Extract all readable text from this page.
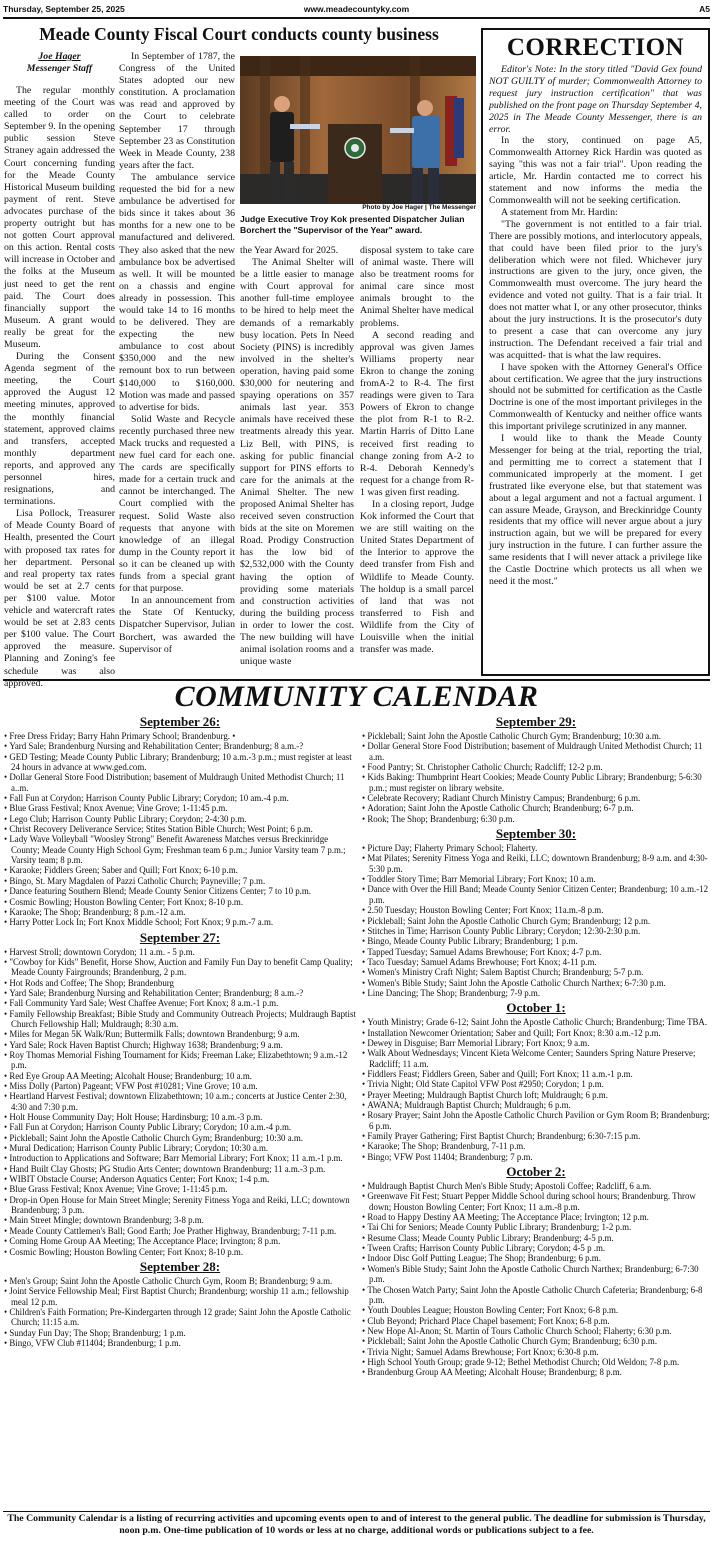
Thursday, September 25, 2025	www.meadecountyky.com	A5
Meade County Fiscal Court conducts county business
Joe Hager
Messenger Staff

The regular monthly meeting of the Court was called to order on September 9. In the opening public session Steve Straney again addressed the Court concerning funding for the Meade County Historical Museum building payment of rent. Steve advocates purchase of the property outright but has not gotten Court approval on this action. Rental costs will increase in October and the folks at the Museum just need to get the rent paid. The Court does financially support the Museum. A grant would really be great for the Museum.

During the Consent Agenda segment of the meeting, the Court approved the August 12 meeting minutes, approved the monthly financial statement, approved claims and transfers, accepted monthly department reports, and approved any personnel hires, resignations, and terminations.

Lisa Pollock, Treasurer of Meade County Board of Health, presented the Court with proposed tax rates for her department. Personal and real property tax rates would be set at 2.7 cents per $100 value. Motor vehicle and watercraft rates would be set at 2.83 cents per $100 value. The Court approved the measure. Planning and Zoning's fee schedule was also approved.

In September of 1787, the Congress of the United States adopted our new constitution. A proclamation was read and approved by the Court to celebrate September 17 through September 23 as Constitution Week in Meade County, 238 years after the fact.

The ambulance service requested the bid for a new ambulance be advertised for bids since it takes about 36 months for a new one to be manufactured and delivered. They also asked that the new ambulance box be advertised as well. It will be mounted on a chassis and engine already in possession. This would take 14 to 16 months to be delivered. They are expecting the new ambulance to cost about $350,000 and the new remount box to run between $140,000 to $160,000. Motion was made and passed to advertise for bids.

Solid Waste and Recycle recently purchased three new Mack trucks and requested a new fuel card for each one. The cards are specifically made for a certain truck and cannot be interchanged. The Court complied with the request. Solid Waste also requests that anyone with knowledge of an illegal dump in the County report it so it can be cleaned up with funds from a special grant for that purpose.

In an announcement from the State Of Kentucky, Dispatcher Supervisor, Julian Borchert, was awarded the Supervisor of

Photo by Joe Hager | The Messenger
Judge Executive Troy Kok presented Dispatcher Julian Borchert the "Supervisor of the Year" award.

the Year Award for 2025.

The Animal Shelter will be a little easier to manage with Court approval for another full-time employee to be hired to help meet the demands of a remarkably busy location. Pets In Need Society (PINS) is incredibly involved in the shelter's operation, having paid some $30,000 for neutering and spaying operations on 357 animals last year. 353 animals have received these treatments already this year. Liz Bell, with PINS, is asking for public financial support for PINS efforts to care for the animals at the Animal Shelter. The new proposed Animal Shelter has received seven construction bids at the site on Moremen Road. Prodigy Construction has the low bid of $2,532,000 with the County having the option of providing some materials and construction activities during the building process in order to lower the cost. The new building will have animal isolation rooms and a unique waste

disposal system to take care of animal waste. There will also be treatment rooms for animal care since most animals brought to the Animal Shelter have medical problems.

A second reading and approval was given James Williams property near Ekron to change the zoning fromA-2 to R-4. The first readings were given to Tara Powers of Ekron to change the plot from R-1 to R-2. Martin Harris of Ditto Lane received first reading to change zoning from A-2 to R-4. Deborah Kennedy's request for a change from R-1 was given first reading.

In a closing report, Judge Kok informed the Court that we are still waiting on the United States Department of the Interior to approve the deed transfer from Fish and Wildlife to Meade County. The holdup is a small parcel of land that was not transferred to Fish and Wildlife from the City of Louisville when the initial transfer was made.

CORRECTION

Editor's Note: In the story titled "David Gex found NOT GUILTY of murder; Commonwealth Attorney to request jury instruction certification" that was published on the front page on Thursday September 4, 2025 in The Meade County Messenger, there is an error.

In the story, continued on page A5, Commonwealth Attorney Rick Hardin was quoted as saying "this was not a fair trial". Upon reading the article, Mr. Hardin contacted me to correct his statement and now informs the media the Commonwealth will not be seeking certification.

A statement from Mr. Hardin:

"The government is not entitled to a fair trial. There are possibly motions, and interlocutory appeals, that could have been filed prior to the jury's deliberation which were not filed. Whichever jury instructions are given to the jury, once given, the Commonwealth must overcome. The jury heard the evidence and voted not guilty. That is a fair trial. It does not matter what I, or any other prosecutor, thinks about the jury instructions. It is the prosecutor's duty to present a case that can overcome any jury instruction. The Defendant received a fair trial and was acquitted- that is what the law requires.

I have spoken with the Attorney General's Office about certification. We agree that the jury instructions should not be submitted for certification as the Castle Doctrine is one of the most important privileges in the Commonwealth of Kentucky and neither office wants this important privilege scrutinized in any manner.

I would like to thank the Meade County Messenger for being at the trial, reporting the trial, and permitting me to correct a statement that I communicated improperly at the moment. I get frustrated like everyone else, but that statement was about a legal argument and not a factual argument. I can assure Meade, Grayson, and Breckinridge County residents that my office will never argue about a jury instruction again, but we will be prepared for every jury instruction in the future. I can further assure the same residents that I will never attack a privilege like the Castle Doctrine which protects us all when we need it the most."

COMMUNITY CALENDAR
September 26:
• Free Dress Friday; Barry Hahn Primary School; Brandenburg. •
• Yard Sale; Brandenburg Nursing and Rehabilitation Center; Brandenburg; 8 a.m.-?
• GED Testing; Meade County Public Library; Brandenburg; 10 a.m.-3 p.m.; must register at least 24 hours in advance at www.ged.com.
• Dollar General Store Food Distribution; basement of Muldraugh United Methodist Church; 11 a..m.
• Fall Fun at Corydon; Harrison County Public Library; Corydon; 10 am.-4 p.m.
• Blue Grass Festival; Knox Avenue; Vine Grove; 1-11:45 p.m.
• Lego Club; Harrison County Public Library; Corydon; 2-4:30 p.m.
• Christ Recovery Deliverance Service; Stites Station Bible Church; West Point; 6 p.m.
• Lady Wave Volleyball "Woosley Strong" Benefit Awareness Matches versus Breckinridge County; Meade County High School Gym; Freshman team 6 p.m.; Junior Varsity team 7 p.m.; Varsity team; 8 p.m.
• Karaoke; Fiddlers Green; Saber and Quill; Fort Knox; 6-10 p.m.
• Bingo, St. Mary Magdalen of Pazzi Catholic Church; Payneville; 7 p.m.
• Dance featuring Southern Blend; Meade County Senior Citizens Center; 7 to 10 p.m.
• Cosmic Bowling; Houston Bowling Center; Fort Knox; 8-10 p.m.
• Karaoke; The Shop; Brandenburg; 8 p.m.-12 a.m.
• Harry Potter Lock In; Fort Knox Middle School; Fort Knox; 9 p.m.-7 a.m.
September 27:
• Harvest Stroll; downtown Corydon; 11 a.m. - 5 p.m.
• "Cowboy for Kids" Benefit, Horse Show, Auction and Family Fun Day to benefit Camp Quality; Meade County Fairgrounds; Brandenburg, 2 p.m.
• Hot Rods and Coffee; The Shop; Brandenburg
• Yard Sale; Brandenburg Nursing and Rehabilitation Center; Brandenburg; 8 a.m.-?
• Fall Community Yard Sale; West Chaffee Avenue; Fort Knox; 8 a.m.-1 p.m.
• Family Fellowship Breakfast; Bible Study and Community Outreach Projects; Muldraugh Baptist Church Fellowship Hall; Muldraugh; 8:30 a.m.
• Miles for Megan 5K Walk/Run; Buttermilk Falls; downtown Brandenburg; 9 a.m.
• Yard Sale; Rock Haven Baptist Church; Highway 1638; Brandenburg; 9 a.m.
• Roy Thomas Memorial Fishing Tournament for Kids; Freeman Lake; Elizabethtown; 9 a.m.-12 p.m.
• Red Eye Group AA Meeting; Alcohalt House; Brandenburg; 10 a.m.
• Miss Dolly (Parton) Pageant; VFW Post #10281; Vine Grove; 10 a.m.
• Heartland Harvest Festival; downtown Elizabethtown; 10 a.m.; concerts at Justice Center 2:30, 4:30 and 7:30 p.m.
• Holt House Community Day; Holt House; Hardinsburg; 10 a.m.-3 p.m.
• Fall Fun at Corydon; Harrison County Public Library; Corydon; 10 a.m.-4 p.m.
• Pickleball; Saint John the Apostle Catholic Church Gym; Brandenburg; 10:30 a.m.
• Mural Dedication; Harrison County Public Library; Corydon; 10:30 a.m.
• Introduction to Applications and Software; Barr Memorial Library; Fort Knox; 11 a.m.-1 p.m.
• Hand Built Clay Ghosts; PG Studio Arts Center; downtown Brandenburg; 11 a.m.-3 p.m.
• WIBIT Obstacle Course; Anderson Aquatics Center; Fort Knox; 1-4 p.m.
• Blue Grass Festival; Knox Avenue; Vine Grove; 1-11:45 p.m.
• Drop-in Open House for Main Street Mingle; Serenity Fitness Yoga and Reiki, LLC; downtown Brandenburg; 3 p.m.
• Main Street Mingle; downtown Brandenburg; 3-8 p.m.
• Meade County Cattlemen's Ball; Good Earth; Joe Prather Highway, Brandenburg; 7-11 p.m.
• Coming Home Group AA Meeting; The Acceptance Place; Irvington; 8 p.m.
• Cosmic Bowling; Houston Bowling Center; Fort Knox; 8-10 p.m.
September 28:
• Men's Group; Saint John the Apostle Catholic Church Gym, Room B; Brandenburg; 9 a.m.
• Joint Service Fellowship Meal; First Baptist Church; Brandenburg; worship 11 a.m.; fellowship meal 12 p.m.
• Children's Faith Formation; Pre-Kindergarten through 12 grade; Saint John the Apostle Catholic Church; 11:15 a.m.
• Sunday Fun Day; The Shop; Brandenburg; 1 p.m.
• Bingo, VFW Club #11404; Brandenburg; 1 p.m.
September 29:
• Pickleball; Saint John the Apostle Catholic Church Gym; Brandenburg; 10:30 a.m.
• Dollar General Store Food Distribution; basement of Muldraugh United Methodist Church; 11 a.m.
• Food Pantry; St. Christopher Catholic Church; Radcliff; 12-2 p.m.
• Kids Baking: Thumbprint Heart Cookies; Meade County Public Library; Brandenburg; 5-6:30 p.m.; must register on library website.
• Celebrate Recovery; Radiant Church Ministry Campus; Brandenburg; 6 p.m.
• Adoration; Saint John the Apostle Catholic Church; Brandenburg; 6-7 p.m.
• Rook; The Shop; Brandenburg; 6:30 p.m.
September 30:
• Picture Day; Flaherty Primary School; Flaherty.
• Mat Pilates; Serenity Fitness Yoga and Reiki, LLC; downtown Brandenburg; 8-9 a.m. and 4:30-5:30 p.m.
• Toddler Story Time; Barr Memorial Library; Fort Knox; 10 a.m.
• Dance with Over the Hill Band; Meade County Senior Citizen Center; Brandenburg; 10 a.m.-12 p.m.
• 2.50 Tuesday; Houston Bowling Center; Fort Knox; 11a.m.-8 p.m.
• Pickleball; Saint John the Apostle Catholic Church Gym; Brandenburg; 12 p.m.
• Stitches in Time; Harrison County Public Library; Corydon; 12:30-2:30 p.m.
• Bingo, Meade County Public Library; Brandenburg; 1 p.m.
• Tapped Tuesday; Samuel Adams Brewhouse; Fort Knox; 4-7 p.m.
• Taco Tuesday; Samuel Adams Brewhouse; Fort Knox; 4-11 p.m.
• Women's Ministry Craft Night; Salem Baptist Church; Brandenburg; 5-7 p.m.
• Women's Bible Study; Saint John the Apostle Catholic Church Narthex; 6-7:30 p.m.
• Line Dancing; The Shop; Brandenburg; 7-9 p.m.
October 1:
• Youth Ministry; Grade 6-12; Saint John the Apostle Catholic Church; Brandenburg; Time TBA.
• Installation Newcomer Orientation; Saber and Quill; Fort Knox; 8:30 a.m.-12 p.m.
• Dewey in Disguise; Barr Memorial Library; Fort Knox; 9 a.m.
• Walk About Wednesdays; Vincent Kieta Welcome Center; Saunders Spring Nature Preserve; Radcliff; 11 a.m.
• Fiddlers Feast; Fiddlers Green, Saber and Quill; Fort Knox; 11 a.m.-1 p.m.
• Trivia Night; Old State Capitol VFW Post #2950; Corydon; 1 p.m.
• Prayer Meeting; Muldraugh Baptist Church loft; Muldraugh; 6 p.m.
• AWANA; Muldraugh Baptist Church; Muldraugh; 6 p.m.
• Rosary Prayer; Saint John the Apostle Catholic Church Pavilion or Gym Room B; Brandenburg; 6 p.m.
• Family Prayer Gathering; First Baptist Church; Brandenburg; 6:30-7:15 p.m.
• Karaoke; The Shop; Brandenburg, 7-11 p.m.
• Bingo; VFW Post 11404; Brandenburg; 7 p.m.
October 2:
• Muldraugh Baptist Church Men's Bible Study; Apostoli Coffee; Radcliff, 6 a.m.
• Greenwave Fit Fest; Stuart Pepper Middle School during school hours; Brandenburg. Throw down; Houston Bowling Center; Fort Knox; 11 a.m.-8 p.m.
• Road to Happy Destiny AA Meeting; The Acceptance Place; Irvington; 12 p.m.
• Tai Chi for Seniors; Meade County Public Library; Brandenburg; 1-2 p.m.
• Resume Class; Meade County Public Library; Brandenburg; 4-5 p.m.
• Tween Crafts; Harrison County Public Library; Corydon; 4-5 p .m.
• Indoor Disc Golf Putting League; The Shop; Brandenburg; 6 p.m.
• Women's Bible Study; Saint John the Apostle Catholic Church Narthex; Brandenburg; 6-7:30 p.m.
• The Chosen Watch Party; Saint John the Apostle Catholic Church Cafeteria; Brandenburg; 6-8 p.m.
• Youth Doubles League; Houston Bowling Center; Fort Knox; 6-8 p.m.
• Club Beyond; Prichard Place Chapel basement; Fort Knox; 6-8 p.m.
• New Hope Al-Anon; St. Martin of Tours Catholic Church School; Flaherty; 6:30 p.m.
• Pickleball; Saint John the Apostle Catholic Church Gym; Brandenburg; 6:30 p.m.
• Trivia Night; Samuel Adams Brewhouse; Fort Knox; 6:30-8 p.m.
• High School Youth Group; grade 9-12; Bethel Methodist Church; Old Weldon; 7-8 p.m.
• Brandenburg Group AA Meeting; Alcohalt House; Brandenburg; 8 p.m.
The Community Calendar is a listing of recurring activities and upcoming events open to and of interest to the general public. The deadline for submission is Thursday, noon p.m. One-time publication of 10 words or less at no charge, additional words or publications subject to a fee.
